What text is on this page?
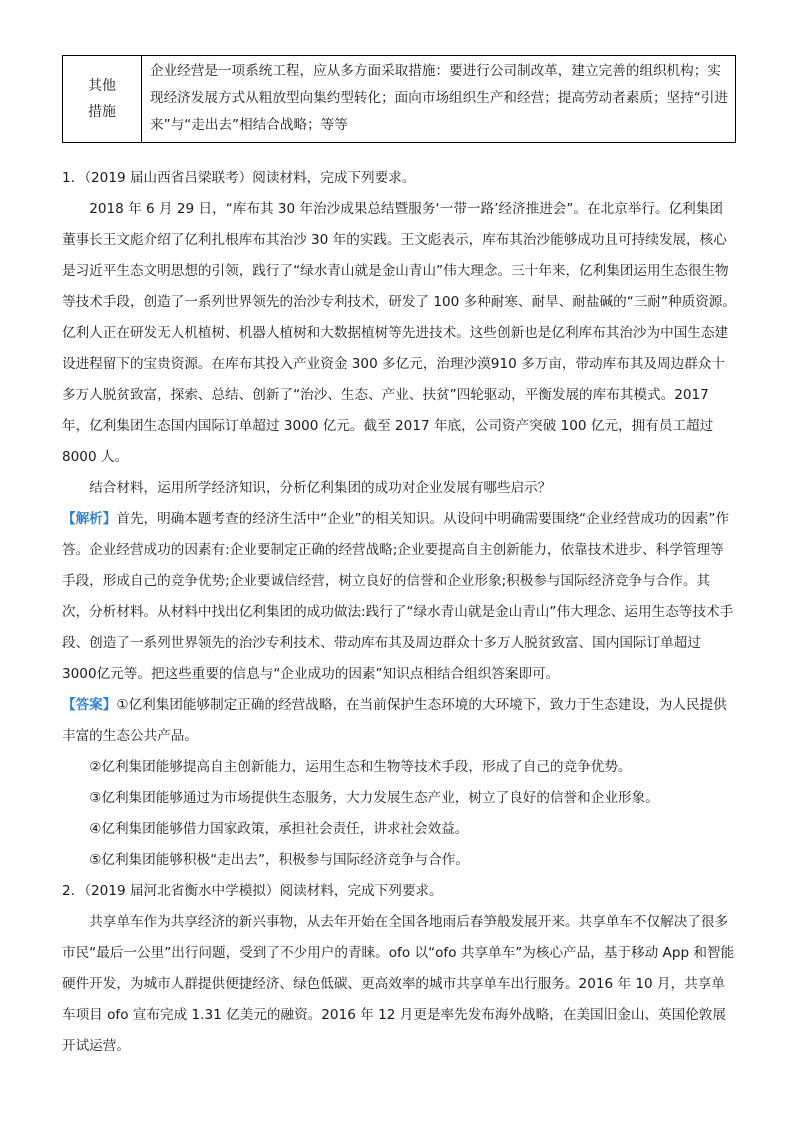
其他
措施	企业经营是一项系统工程，应从多方面采取措施：要进行公司制改革，建立完善的组织机构；实现经济发展方式从粗放型向集约型转化；面向市场组织生产和经营；提高劳动者素质；坚持“引进来”与“走出去”相结合战略；等等

1．（2019 届山西省吕梁联考）阅读材料，完成下列要求。

2018 年 6 月 29 日，“库布其 30 年治沙成果总结暨服务‘一带一路’经济推进会”。在北京举行。亿利集团董事长王文彪介绍了亿利扎根库布其治沙 30 年的实践。王文彪表示，库布其治沙能够成功且可持续发展，核心是习近平生态文明思想的引领，践行了“绿水青山就是金山青山”伟大理念。三十年来，亿利集团运用生态很生物等技术手段，创造了一系列世界领先的治沙专利技术，研发了 100 多种耐寒、耐旱、耐盐碱的“三耐”种质资源。亿利人正在研发无人机植树、机器人植树和大数据植树等先进技术。这些创新也是亿利库布其治沙为中国生态建设进程留下的宝贵资源。在库布其投入产业资金 300 多亿元，治理沙漠910 多万亩，带动库布其及周边群众十多万人脱贫致富，探索、总结、创新了“治沙、生态、产业、扶贫”四轮驱动，平衡发展的库布其模式。2017 年，亿利集团生态国内国际订单超过 3000 亿元。截至 2017 年底，公司资产突破 100 亿元，拥有员工超过 8000 人。

结合材料，运用所学经济知识，分析亿利集团的成功对企业发展有哪些启示？

【解析】首先，明确本题考查的经济生活中“企业”的相关知识。从设问中明确需要围绕“企业经营成功的因素”作答。企业经营成功的因素有:企业要制定正确的经营战略;企业要提高自主创新能力，依靠技术进步、科学管理等手段，形成自己的竞争优势;企业要诚信经营，树立良好的信誉和企业形象;积极参与国际经济竞争与合作。其次，分析材料。从材料中找出亿利集团的成功做法:践行了“绿水青山就是金山青山”伟大理念、运用生态等技术手段、创造了一系列世界领先的治沙专利技术、带动库布其及周边群众十多万人脱贫致富、国内国际订单超过 3000亿元等。把这些重要的信息与“企业成功的因素”知识点相结合组织答案即可。

【答案】①亿利集团能够制定正确的经营战略，在当前保护生态环境的大环境下，致力于生态建设，为人民提供丰富的生态公共产品。

②亿利集团能够提高自主创新能力，运用生态和生物等技术手段，形成了自己的竞争优势。

③亿利集团能够通过为市场提供生态服务，大力发展生态产业，树立了良好的信誉和企业形象。

④亿利集团能够借力国家政策，承担社会责任，讲求社会效益。

⑤亿利集团能够积极“走出去”，积极参与国际经济竞争与合作。

2．（2019 届河北省衡水中学模拟）阅读材料，完成下列要求。

共享单车作为共享经济的新兴事物，从去年开始在全国各地雨后春笋般发展开来。共享单车不仅解决了很多市民“最后一公里”出行问题，受到了不少用户的青睐。ofo 以“ofo 共享单车”为核心产品，基于移动 App 和智能硬件开发，为城市人群提供便捷经济、绿色低碳、更高效率的城市共享单车出行服务。2016 年 10 月，共享单车项目 ofo 宣布完成 1.31 亿美元的融资。2016 年 12 月更是率先发布海外战略，在美国旧金山、英国伦敦展开试运营。
